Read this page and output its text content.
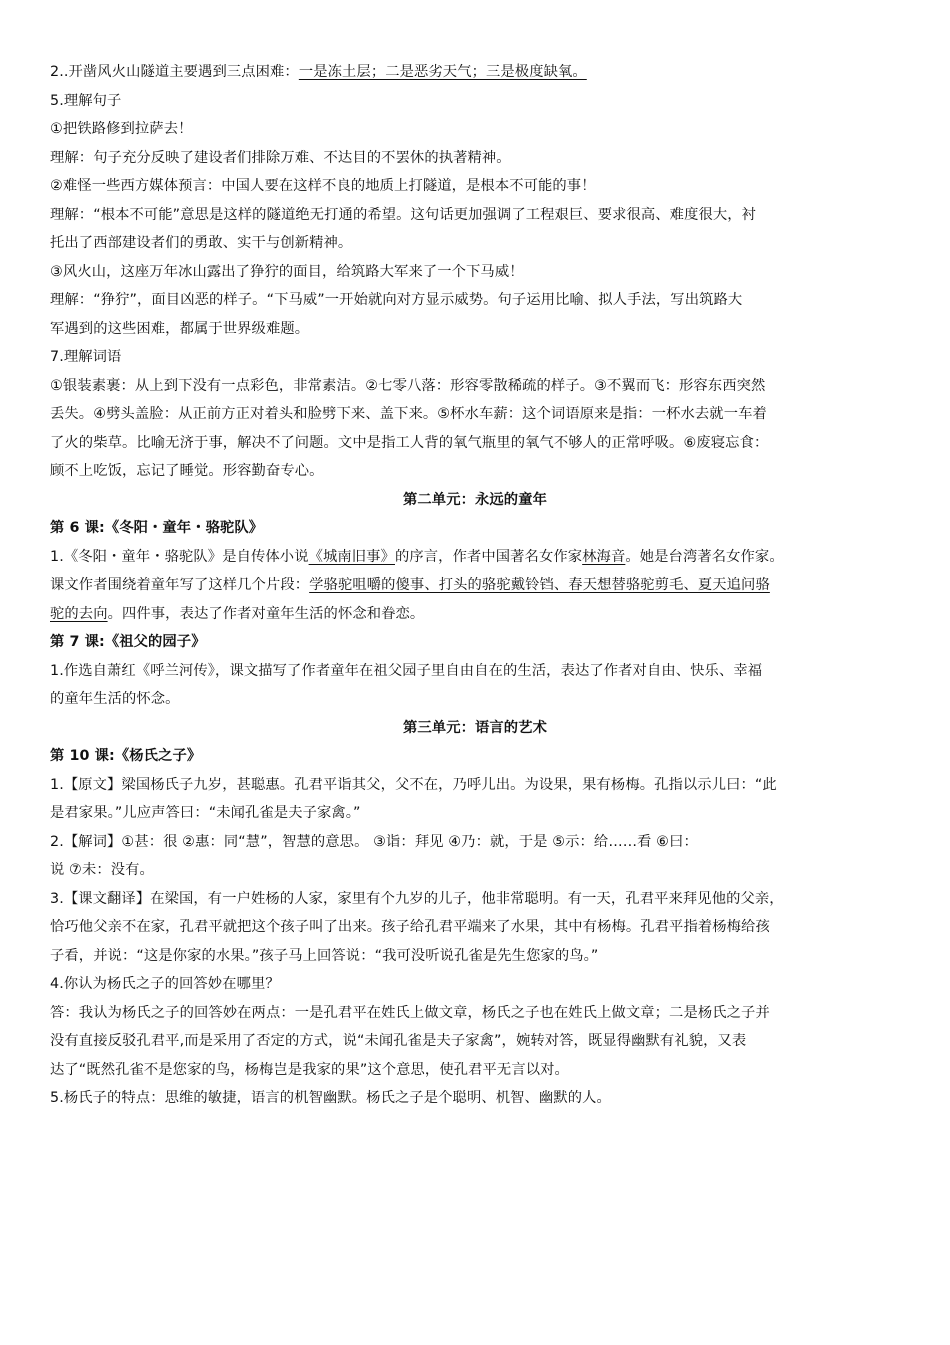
2..开凿风火山隧道主要遇到三点困难：一是冻土层；二是恶劣天气；三是极度缺氧。
5.理解句子
①把铁路修到拉萨去！
理解：句子充分反映了建设者们排除万难、不达目的不罢休的执著精神。
②难怪一些西方媒体预言：中国人要在这样不良的地质上打隧道，是根本不可能的事！
理解：“根本不可能”意思是这样的隧道绝无打通的希望。这句话更加强调了工程艰巨、要求很高、难度很大，衬
托出了西部建设者们的勇敢、实干与创新精神。
③风火山，这座万年冰山露出了狰狞的面目，给筑路大军来了一个下马威！
理解：“狰狞”，面目凶恶的样子。“下马威”一开始就向对方显示威势。句子运用比喻、拟人手法，写出筑路大
军遇到的这些困难，都属于世界级难题。
7.理解词语
①银装素裹：从上到下没有一点彩色，非常素洁。②七零八落：形容零散稀疏的样子。③不翼而飞：形容东西突然
丢失。④劈头盖脸：从正前方正对着头和脸劈下来、盖下来。⑤杯水车薪：这个词语原来是指：一杯水去就一车着
了火的柴草。比喻无济于事，解决不了问题。文中是指工人背的氧气瓶里的氧气不够人的正常呼吸。⑥废寝忘食：
顾不上吃饭，忘记了睡觉。形容勤奋专心。
第二单元：永远的童年
第 6 课:《冬阳・童年・骆驼队》
1.《冬阳・童年・骆驼队》是自传体小说《城南旧事》的序言，作者中国著名女作家林海音。她是台湾著名女作家。
课文作者围绕着童年写了这样几个片段：学骆驼咀嚼的傻事、打头的骆驼戴铃铛、春天想替骆驼剪毛、夏天追问骆
驼的去向。四件事，表达了作者对童年生活的怀念和眷恋。
第 7 课:《祖父的园子》
1.作选自萧红《呼兰河传》，课文描写了作者童年在祖父园子里自由自在的生活，表达了作者对自由、快乐、幸福
的童年生活的怀念。
第三单元：语言的艺术
第 10 课:《杨氏之子》
1.【原文】梁国杨氏子九岁，甚聪惠。孔君平诣其父，父不在，乃呼儿出。为设果，果有杨梅。孔指以示儿曰：“此
是君家果。”儿应声答曰：“未闻孔雀是夫子家禽。”
2.【解词】①甚：很 ②惠：同“慧”，智慧的意思。 ③诣：拜见 ④乃：就，于是 ⑤示：给……看 ⑥曰：
说 ⑦未：没有。
3.【课文翻译】在梁国，有一户姓杨的人家，家里有个九岁的儿子，他非常聪明。有一天，孔君平来拜见他的父亲，
恰巧他父亲不在家，孔君平就把这个孩子叫了出来。孩子给孔君平端来了水果，其中有杨梅。孔君平指着杨梅给孩
子看，并说：“这是你家的水果。”孩子马上回答说：“我可没听说孔雀是先生您家的鸟。”
4.你认为杨氏之子的回答妙在哪里？
答：我认为杨氏之子的回答妙在两点：一是孔君平在姓氏上做文章，杨氏之子也在姓氏上做文章；二是杨氏之子并
没有直接反驳孔君平,而是采用了否定的方式，说“未闻孔雀是夫子家禽”，婉转对答，既显得幽默有礼貌，又表
达了“既然孔雀不是您家的鸟，杨梅岂是我家的果”这个意思，使孔君平无言以对。
5.杨氏子的特点：思维的敏捷，语言的机智幽默。杨氏之子是个聪明、机智、幽默的人。
